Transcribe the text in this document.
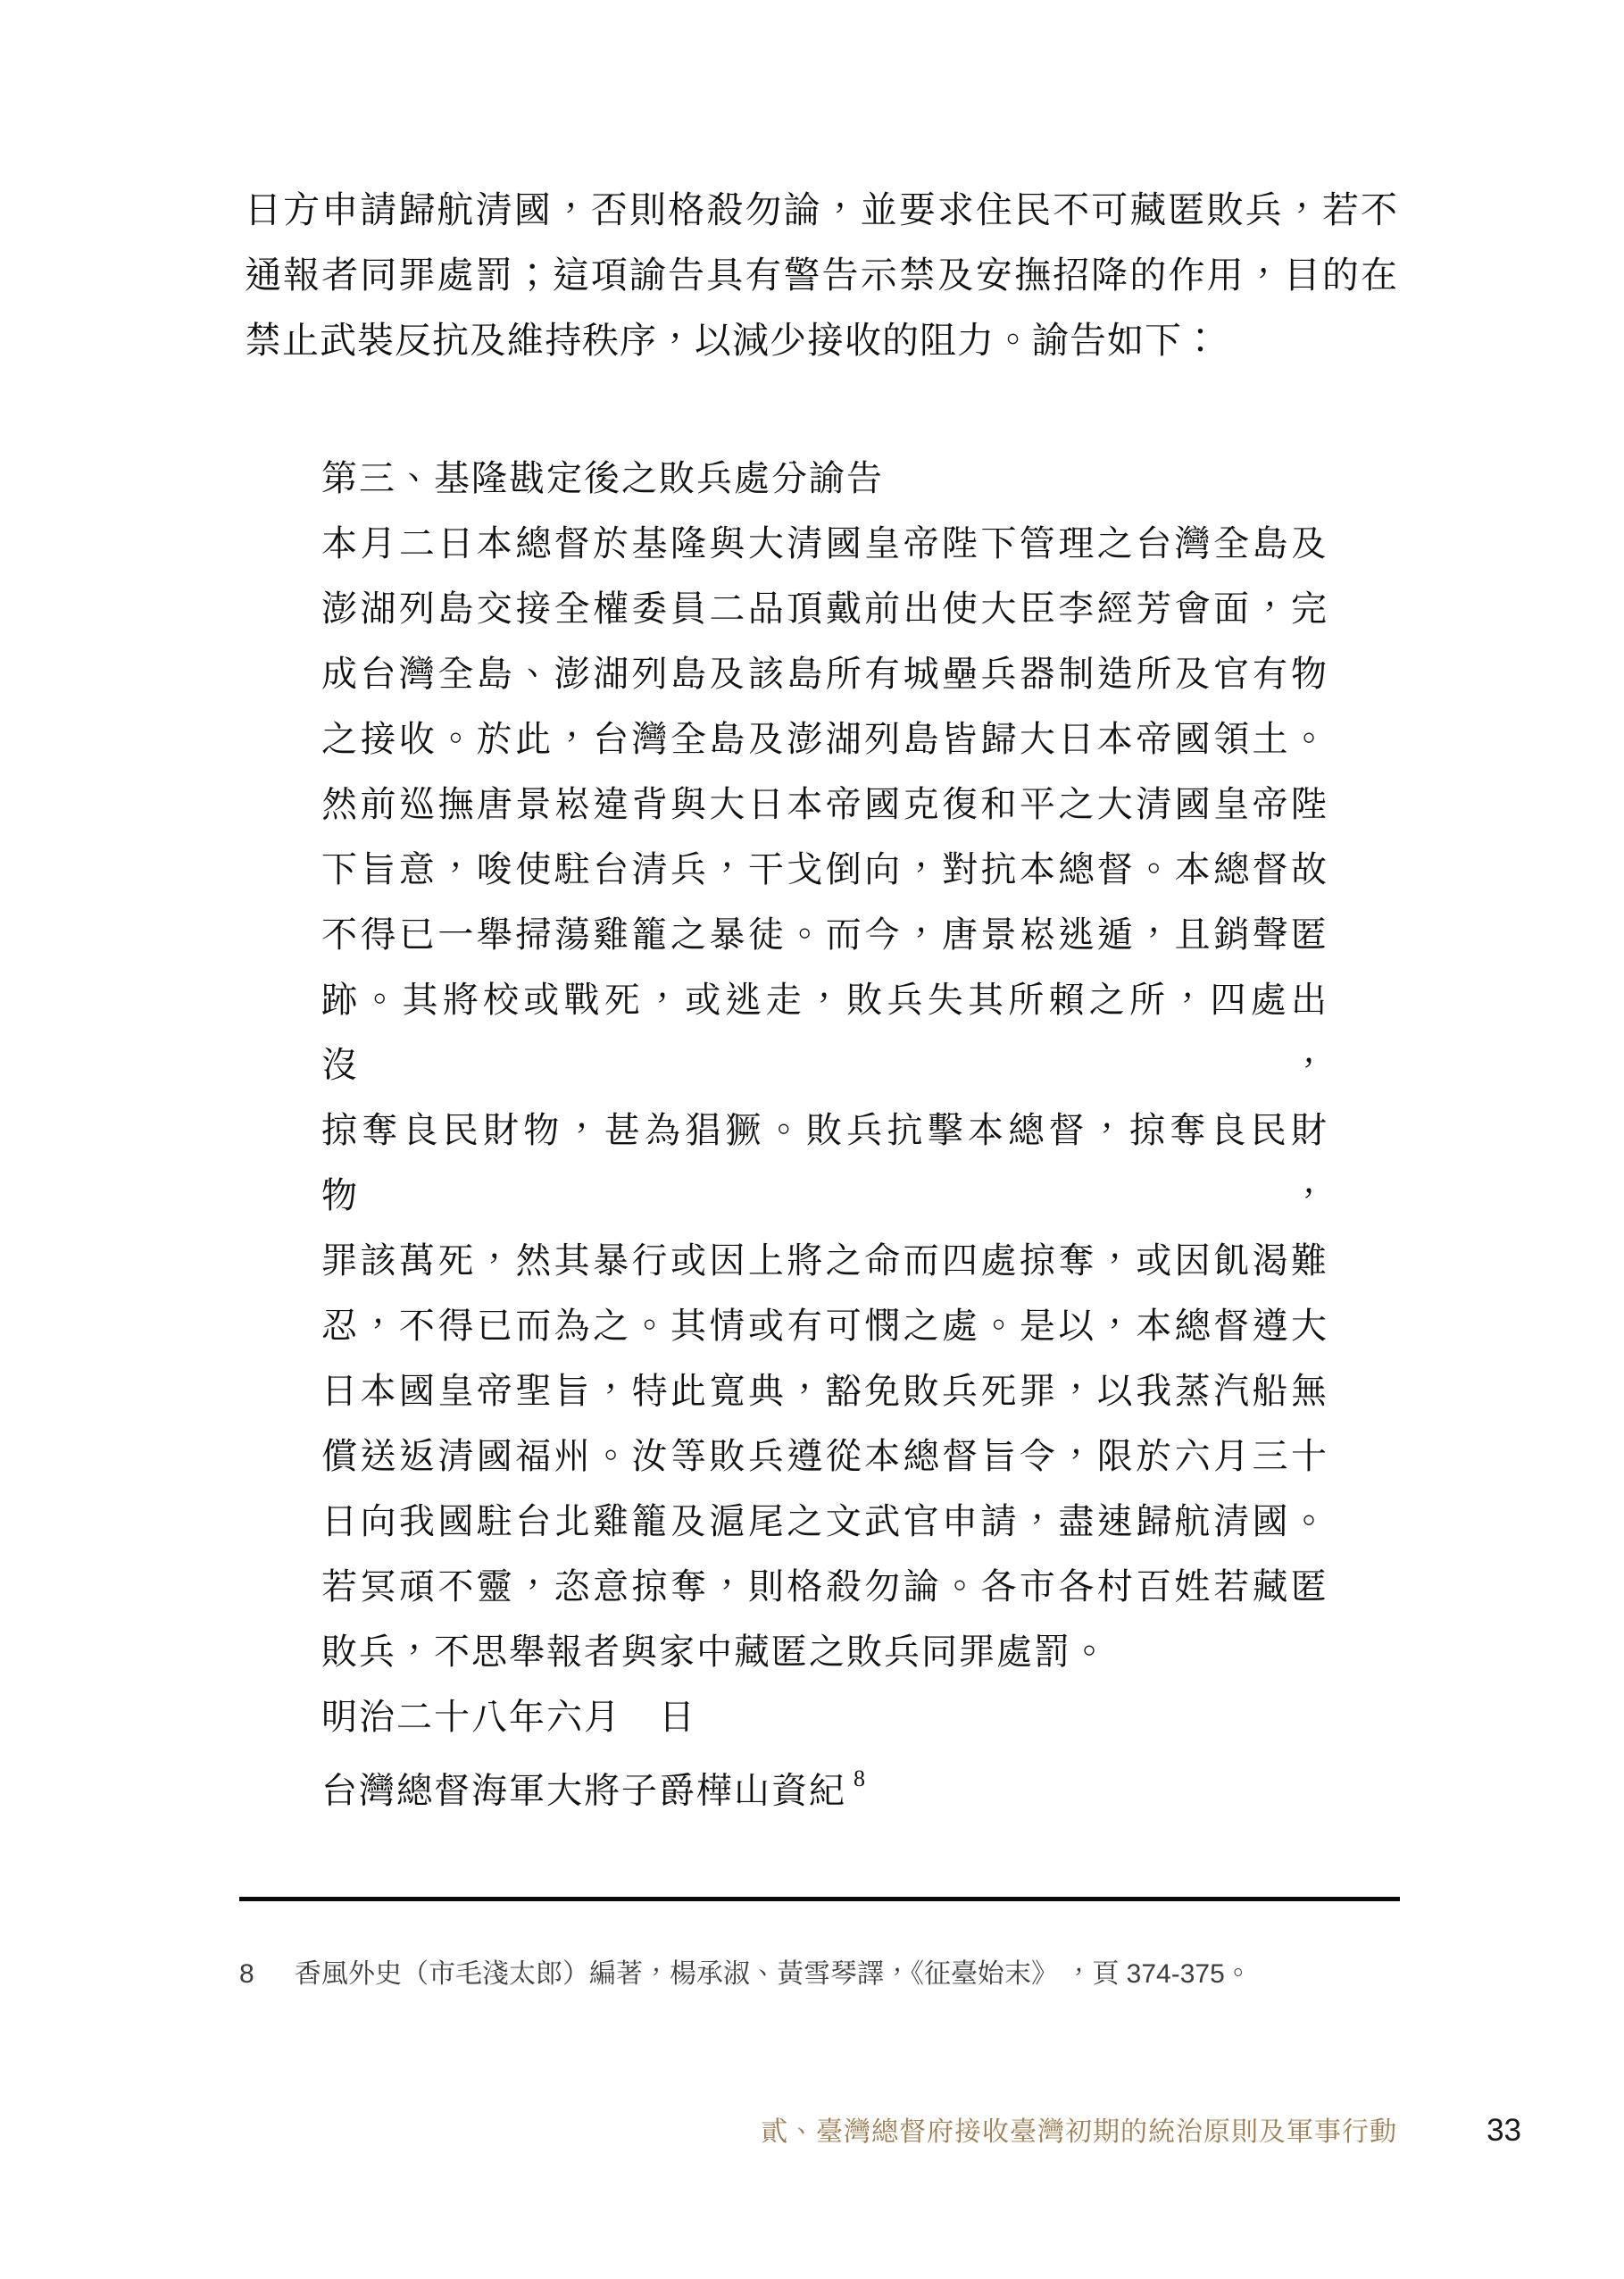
日方申請歸航清國，否則格殺勿論，並要求住民不可藏匿敗兵，若不
通報者同罪處罰；這項諭告具有警告示禁及安撫招降的作用，目的在
禁止武裝反抗及維持秩序，以減少接收的阻力。諭告如下：
第三、基隆戡定後之敗兵處分諭告
本月二日本總督於基隆與大清國皇帝陛下管理之台灣全島及
澎湖列島交接全權委員二品頂戴前出使大臣李經芳會面，完
成台灣全島、澎湖列島及該島所有城壘兵器制造所及官有物
之接收。於此，台灣全島及澎湖列島皆歸大日本帝國領土。
然前巡撫唐景崧違背與大日本帝國克復和平之大清國皇帝陛
下旨意，唆使駐台清兵，干戈倒向，對抗本總督。本總督故
不得已一舉掃蕩雞籠之暴徒。而今，唐景崧逃遁，且銷聲匿
跡。其將校或戰死，或逃走，敗兵失其所賴之所，四處出沒，
掠奪良民財物，甚為猖獗。敗兵抗擊本總督，掠奪良民財物，
罪該萬死，然其暴行或因上將之命而四處掠奪，或因飢渴難
忍，不得已而為之。其情或有可憫之處。是以，本總督遵大
日本國皇帝聖旨，特此寬典，豁免敗兵死罪，以我蒸汽船無
償送返清國福州。汝等敗兵遵從本總督旨令，限於六月三十
日向我國駐台北雞籠及滬尾之文武官申請，盡速歸航清國。
若冥頑不靈，恣意掠奪，則格殺勿論。各市各村百姓若藏匿
敗兵，不思舉報者與家中藏匿之敗兵同罪處罰。
明治二十八年六月　日
台灣總督海軍大將子爵樺山資紀 $^8$
8 香風外史（市毛淺太郎）編著，楊承淑、黃雪琴譯，《征臺始末》 ，頁 374-375。
貳、臺灣總督府接收臺灣初期的統治原則及軍事行動	33
